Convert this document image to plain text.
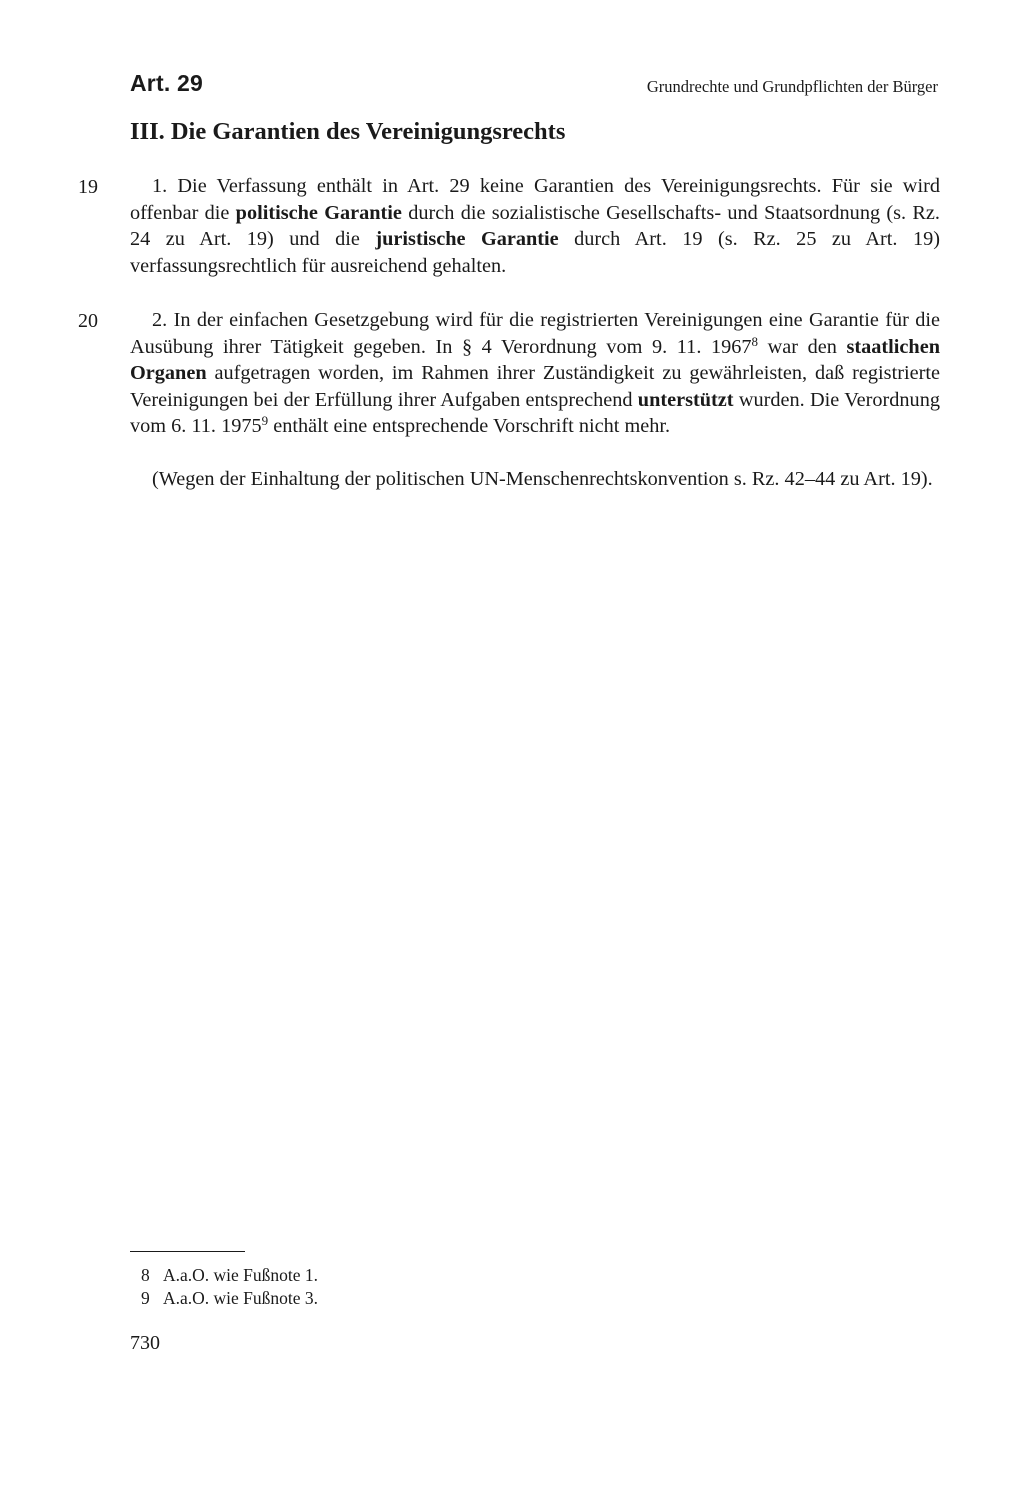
Art. 29	Grundrechte und Grundpflichten der Bürger
III. Die Garantien des Vereinigungsrechts
19	1. Die Verfassung enthält in Art. 29 keine Garantien des Vereinigungsrechts. Für sie wird offenbar die politische Garantie durch die sozialistische Gesellschafts- und Staatsordnung (s. Rz. 24 zu Art. 19) und die juristische Garantie durch Art. 19 (s. Rz. 25 zu Art. 19) verfassungsrechtlich für ausreichend gehalten.
20	2. In der einfachen Gesetzgebung wird für die registrierten Vereinigungen eine Garantie für die Ausübung ihrer Tätigkeit gegeben. In § 4 Verordnung vom 9. 11. 1967$^8$ war den staatlichen Organen aufgetragen worden, im Rahmen ihrer Zuständigkeit zu gewährleisten, daß registrierte Vereinigungen bei der Erfüllung ihrer Aufgaben entsprechend unterstützt wurden. Die Verordnung vom 6. 11. 1975$^9$ enthält eine entsprechende Vorschrift nicht mehr.
(Wegen der Einhaltung der politischen UN-Menschenrechtskonvention s. Rz. 42–44 zu Art. 19).
8 A.a.O. wie Fußnote 1.
9 A.a.O. wie Fußnote 3.
730
